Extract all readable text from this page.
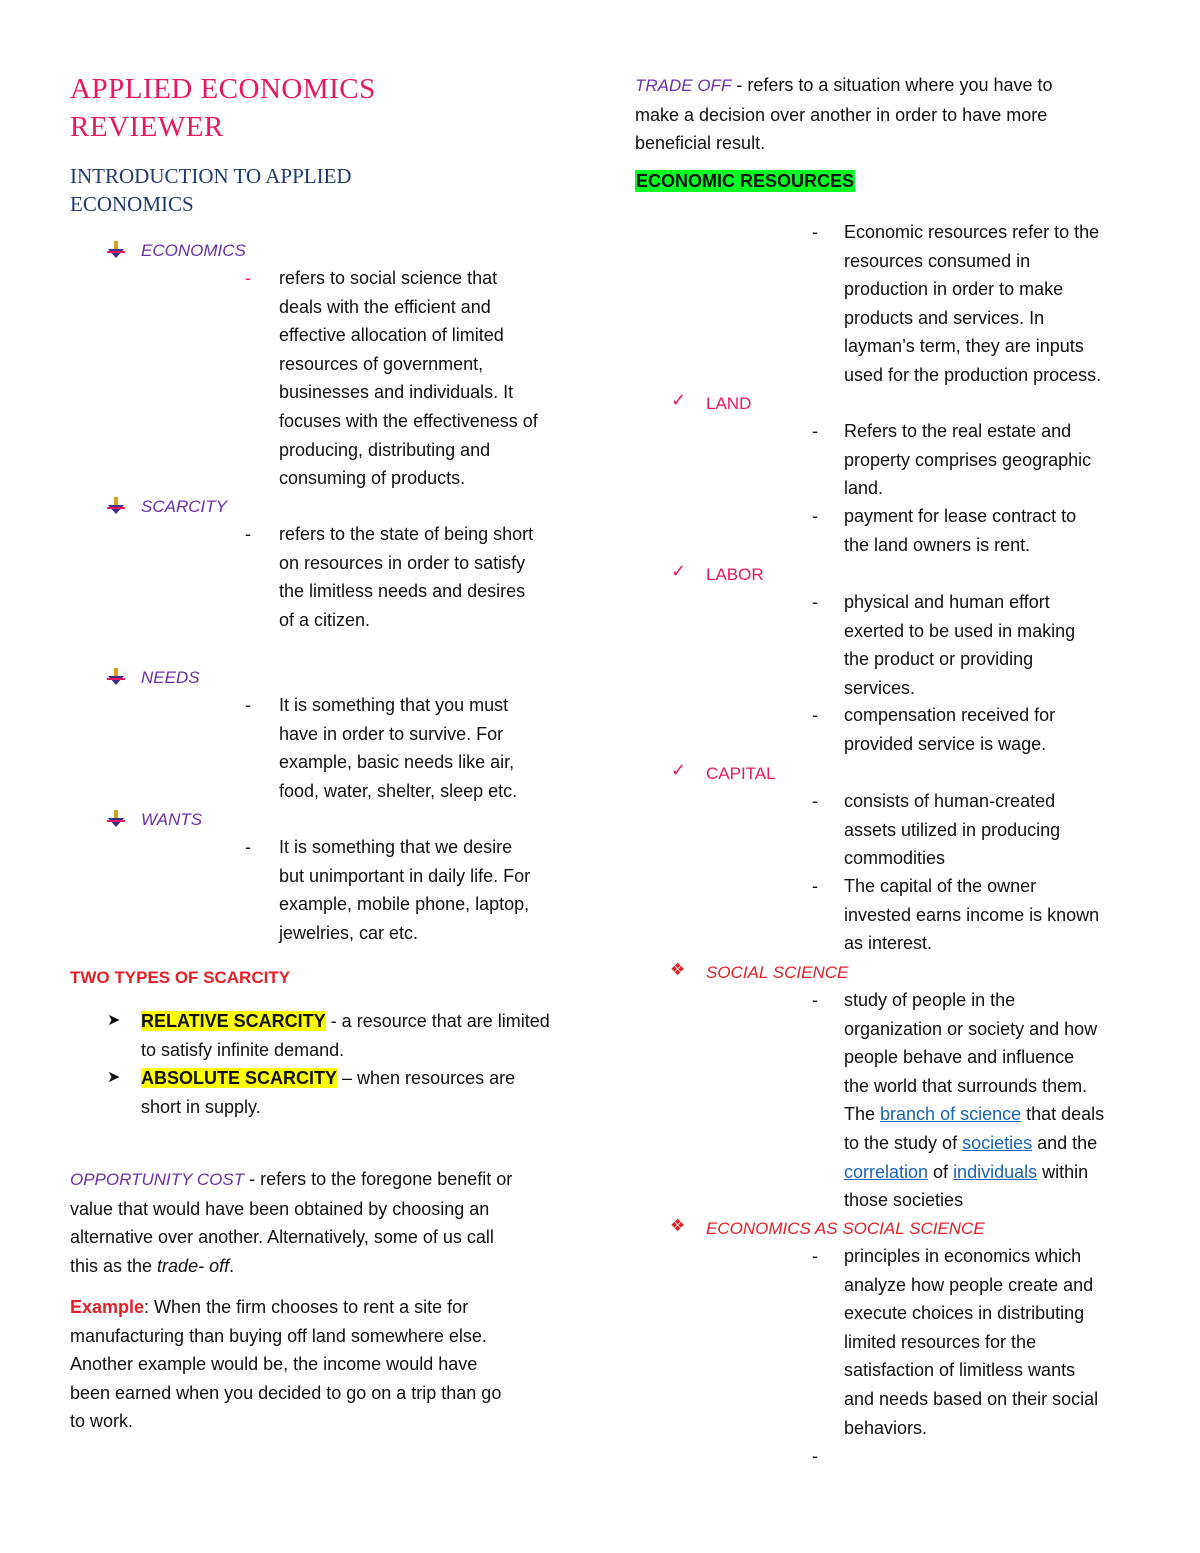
APPLIED ECONOMICS
REVIEWER
INTRODUCTION TO APPLIED
ECONOMICS
ECONOMICS
- refers to social science that
deals with the efficient and
effective allocation of limited
resources of government,
businesses and individuals. It
focuses with the effectiveness of
producing, distributing and
consuming of products.
SCARCITY
- refers to the state of being short
on resources in order to satisfy
the limitless needs and desires
of a citizen.
NEEDS
- It is something that you must
have in order to survive. For
example, basic needs like air,
food, water, shelter, sleep etc.
WANTS
- It is something that we desire
but unimportant in daily life. For
example, mobile phone, laptop,
jewelries, car etc.
TWO TYPES OF SCARCITY
➤ RELATIVE SCARCITY - a resource that are limited
to satisfy infinite demand.
➤ ABSOLUTE SCARCITY – when resources are
short in supply.
OPPORTUNITY COST - refers to the foregone benefit or
value that would have been obtained by choosing an
alternative over another. Alternatively, some of us call
this as the trade- off.
Example: When the firm chooses to rent a site for
manufacturing than buying off land somewhere else.
Another example would be, the income would have
been earned when you decided to go on a trip than go
to work.
TRADE OFF - refers to a situation where you have to
make a decision over another in order to have more
beneficial result.
ECONOMIC RESOURCES
- Economic resources refer to the
resources consumed in
production in order to make
products and services. In
layman’s term, they are inputs
used for the production process.
✓ LAND
- Refers to the real estate and
property comprises geographic
land.
- payment for lease contract to
the land owners is rent.
✓ LABOR
- physical and human effort
exerted to be used in making
the product or providing
services.
- compensation received for
provided service is wage.
✓ CAPITAL
- consists of human-created
assets utilized in producing
commodities
- The capital of the owner
invested earns income is known
as interest.
❖ SOCIAL SCIENCE
- study of people in the
organization or society and how
people behave and influence
the world that surrounds them.
The branch of science that deals
to the study of societies and the
correlation of individuals within
those societies
❖ ECONOMICS AS SOCIAL SCIENCE
- principles in economics which
analyze how people create and
execute choices in distributing
limited resources for the
satisfaction of limitless wants
and needs based on their social
behaviors.
-
